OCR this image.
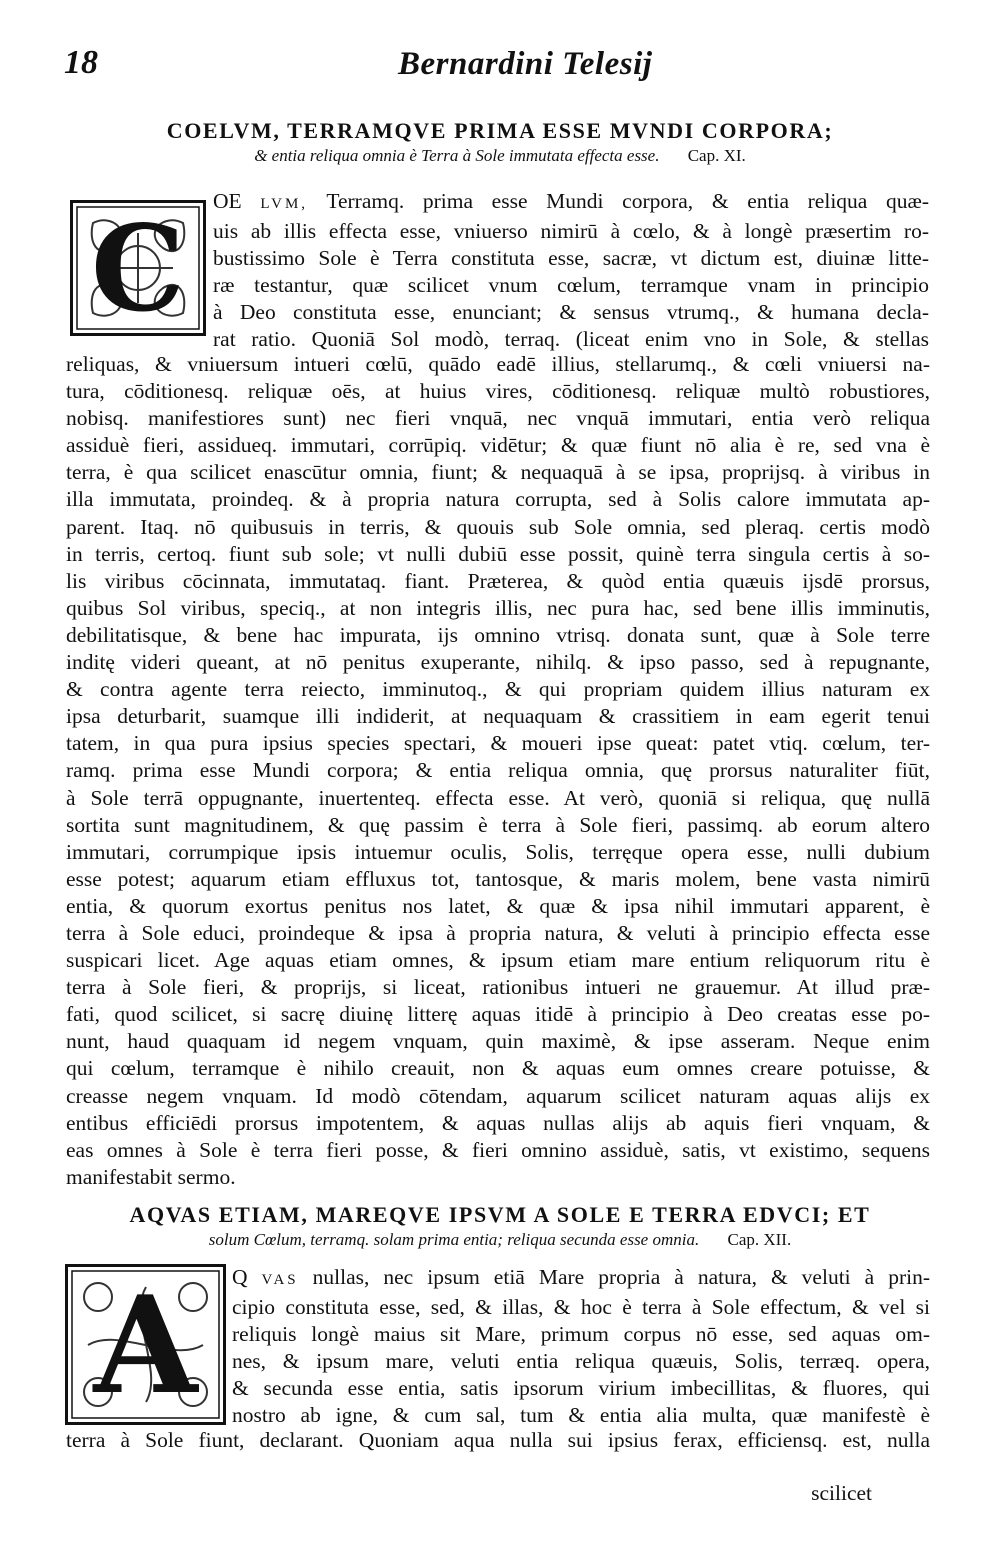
18	Bernardini Telesij
COELVM, TERRAMQVE PRIMA ESSE MVNDI CORPORA;
& entia reliqua omnia è Terra à Sole immutata effecta esse. Cap. XI.
C	OE LVM, Terramq. prima esse Mundi corpora, & entia reliqua quæ-
uis ab illis effecta esse, vniuerso nimirū à cœlo, & à longè præsertim ro-
bustissimo Sole è Terra constituta esse, sacræ, vt dictum est, diuinæ litte-
ræ testantur, quæ scilicet vnum cœlum, terramque vnam in principio
à Deo constituta esse, enunciant; & sensus vtrumq., & humana decla-
rat ratio. Quoniā Sol modò, terraq. (liceat enim vno in Sole, & stellas
reliquas, & vniuersum intueri cœlū, quādo eadē illius, stellarumq., & cœli vniuersi na-
tura, cōditionesq. reliquæ oēs, at huius vires, cōditionesq. reliquæ multò robustiores,
nobisq. manifestiores sunt) nec fieri vnquā, nec vnquā immutari, entia verò reliqua
assiduè fieri, assidueq. immutari, corrūpiq. vidētur; & quæ fiunt nō alia è re, sed vna è
terra, è qua scilicet enascūtur omnia, fiunt; & nequaquā à se ipsa, proprijsq. à viribus in
illa immutata, proindeq. & à propria natura corrupta, sed à Solis calore immutata ap-
parent. Itaq. nō quibusuis in terris, & quouis sub Sole omnia, sed pleraq. certis modò
in terris, certoq. fiunt sub sole; vt nulli dubiū esse possit, quinè terra singula certis à so-
lis viribus cōcinnata, immutataq. fiant. Præterea, & quòd entia quæuis ijsdē prorsus,
quibus Sol viribus, speciq., at non integris illis, nec pura hac, sed bene illis imminutis,
debilitatisque, & bene hac impurata, ijs omnino vtrisq. donata sunt, quæ à Sole terre
inditę videri queant, at nō penitus exuperante, nihilq. & ipso passo, sed à repugnante,
& contra agente terra reiecto, imminutoq., & qui propriam quidem illius naturam ex
ipsa deturbarit, suamque illi indiderit, at nequaquam & crassitiem in eam egerit tenui
tatem, in qua pura ipsius species spectari, & moueri ipse queat: patet vtiq. cœlum, ter-
ramq. prima esse Mundi corpora; & entia reliqua omnia, quę prorsus naturaliter fiūt,
à Sole terrā oppugnante, inuertenteq. effecta esse. At verò, quoniā si reliqua, quę nullā
sortita sunt magnitudinem, & quę passim è terra à Sole fieri, passimq. ab eorum altero
immutari, corrumpique ipsis intuemur oculis, Solis, terręque opera esse, nulli dubium
esse potest; aquarum etiam effluxus tot, tantosque, & maris molem, bene vasta nimirū
entia, & quorum exortus penitus nos latet, & quæ & ipsa nihil immutari apparent, è
terra à Sole educi, proindeque & ipsa à propria natura, & veluti à principio effecta esse
suspicari licet. Age aquas etiam omnes, & ipsum etiam mare entium reliquorum ritu è
terra à Sole fieri, & proprijs, si liceat, rationibus intueri ne grauemur. At illud præ-
fati, quod scilicet, si sacrę diuinę litterę aquas itidē à principio à Deo creatas esse po-
nunt, haud quaquam id negem vnquam, quin maximè, & ipse asseram. Neque enim
qui cœlum, terramque è nihilo creauit, non & aquas eum omnes creare potuisse, &
creasse negem vnquam. Id modò cōtendam, aquarum scilicet naturam aquas alijs ex
entibus efficiēdi prorsus impotentem, & aquas nullas alijs ab aquis fieri vnquam, &
eas omnes à Sole è terra fieri posse, & fieri omnino assiduè, satis, vt existimo, sequens
manifestabit sermo.
AQVAS ETIAM, MAREQVE IPSVM A SOLE E TERRA EDVCI; ET
solum Cœlum, terramq. solam prima entia; reliqua secunda esse omnia. Cap. XII.
A	Q VAS nullas, nec ipsum etiā Mare propria à natura, & veluti à prin-
cipio constituta esse, sed, & illas, & hoc è terra à Sole effectum, & vel si
reliquis longè maius sit Mare, primum corpus nō esse, sed aquas om-
nes, & ipsum mare, veluti entia reliqua quæuis, Solis, terræq. opera,
& secunda esse entia, satis ipsorum virium imbecillitas, & fluores, qui
nostro ab igne, & cum sal, tum & entia alia multa, quæ manifestè è
terra à Sole fiunt, declarant. Quoniam aqua nulla sui ipsius ferax, efficiensq. est, nulla
scilicet
